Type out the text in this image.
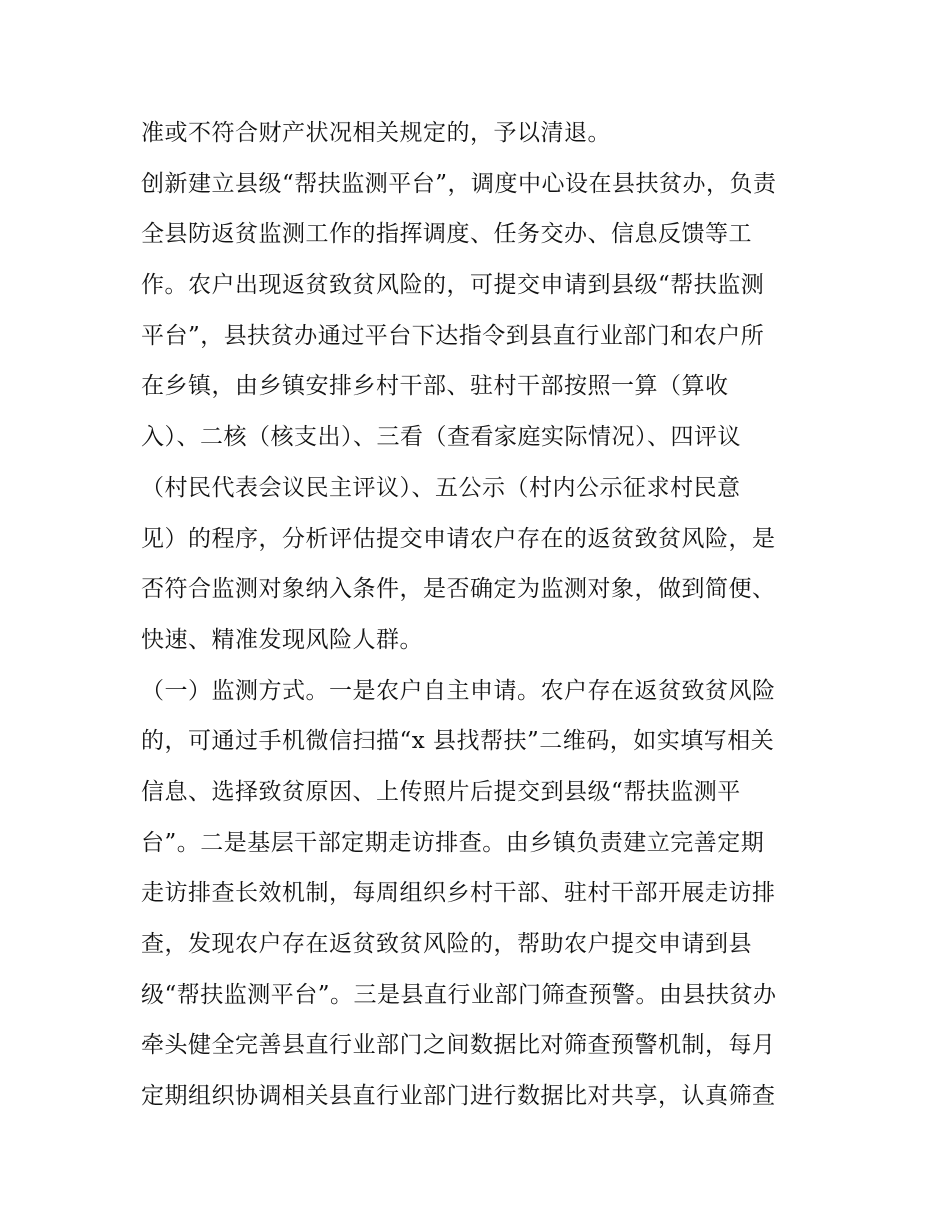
准或不符合财产状况相关规定的，予以清退。
创新建立县级“帮扶监测平台”，调度中心设在县扶贫办，负责
全县防返贫监测工作的指挥调度、任务交办、信息反馈等工
作。农户出现返贫致贫风险的，可提交申请到县级“帮扶监测
平台”，县扶贫办通过平台下达指令到县直行业部门和农户所
在乡镇，由乡镇安排乡村干部、驻村干部按照一算（算收
入）、二核（核支出）、三看（查看家庭实际情况）、四评议
（村民代表会议民主评议）、五公示（村内公示征求村民意
见）的程序，分析评估提交申请农户存在的返贫致贫风险，是
否符合监测对象纳入条件，是否确定为监测对象，做到简便、
快速、精准发现风险人群。
（一）监测方式。一是农户自主申请。农户存在返贫致贫风险
的，可通过手机微信扫描“x 县找帮扶”二维码，如实填写相关
信息、选择致贫原因、上传照片后提交到县级“帮扶监测平
台”。二是基层干部定期走访排查。由乡镇负责建立完善定期
走访排查长效机制，每周组织乡村干部、驻村干部开展走访排
查，发现农户存在返贫致贫风险的，帮助农户提交申请到县
级“帮扶监测平台”。三是县直行业部门筛查预警。由县扶贫办
牵头健全完善县直行业部门之间数据比对筛查预警机制，每月
定期组织协调相关县直行业部门进行数据比对共享，认真筛查
